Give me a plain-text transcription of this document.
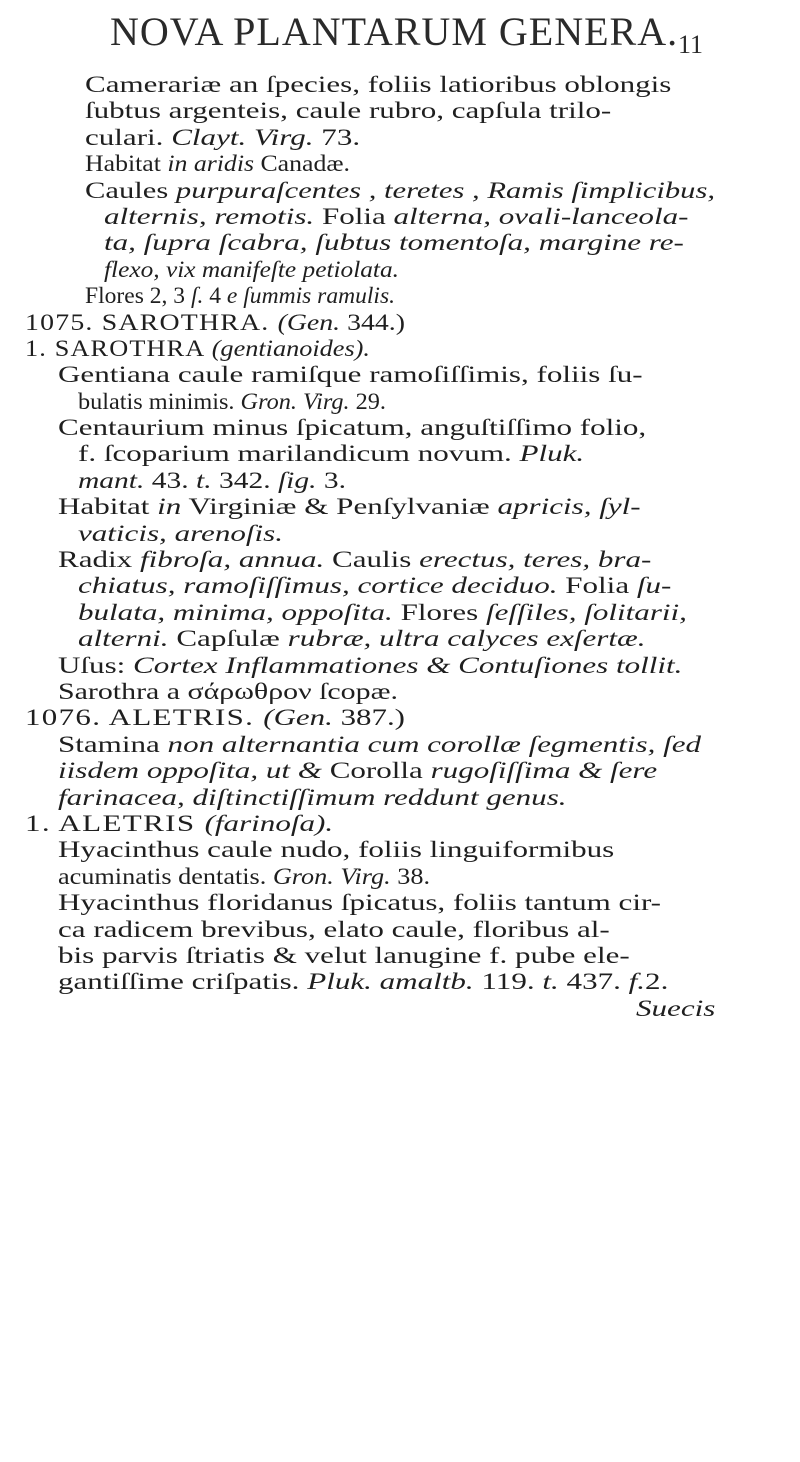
NOVA PLANTARUM GENERA. 11
Camerariæ an ſpecies, foliis latioribus oblongis
ſubtus argenteis, caule rubro, capſula trilo-
culari. Clayt. Virg. 73.
Habitat in aridis Canadæ.
Caules purpuraſcentes , teretes , Ramis ſimplicibus,
alternis, remotis. Folia alterna, ovali-lanceola-
ta, ſupra ſcabra, ſubtus tomentoſa, margine re-
flexo, vix manifeſte petiolata.
Flores 2, 3 ſ. 4 e ſummis ramulis.
1075. SAROTHRA. (Gen. 344.)
1. SAROTHRA (gentianoides).
Gentiana caule ramiſque ramoſiſſimis, foliis ſu-
bulatis minimis. Gron. Virg. 29.
Centaurium minus ſpicatum, anguſtiſſimo folio,
f. ſcoparium marilandicum novum. Pluk.
mant. 43. t. 342. ſig. 3.
Habitat in Virginiæ & Penſylvaniæ apricis, ſyl-
vaticis, arenoſis.
Radix fibroſa, annua. Caulis erectus, teres, bra-
chiatus, ramoſiſſimus, cortice deciduo. Folia ſu-
bulata, minima, oppoſita. Flores ſeſſiles, ſolitarii,
alterni. Capſulæ rubræ, ultra calyces exſertæ.
Uſus: Cortex Inflammationes & Contuſiones tollit.
Sarothra a σάρωθρον ſcopæ.
1076. ALETRIS. (Gen. 387.)
Stamina non alternantia cum corollæ ſegmentis, ſed
iisdem oppoſita, ut & Corolla rugoſiſſima & ſere
farinacea, diſtinctiſſimum reddunt genus.
1. ALETRIS (farinoſa).
Hyacinthus caule nudo, foliis linguiformibus
acuminatis dentatis. Gron. Virg. 38.
Hyacinthus floridanus ſpicatus, foliis tantum cir-
ca radicem brevibus, elato caule, floribus al-
bis parvis ſtriatis & velut lanugine f. pube ele-
gantiſſime criſpatis. Pluk. amaltb. 119. t. 437. f.2.
Suecis
